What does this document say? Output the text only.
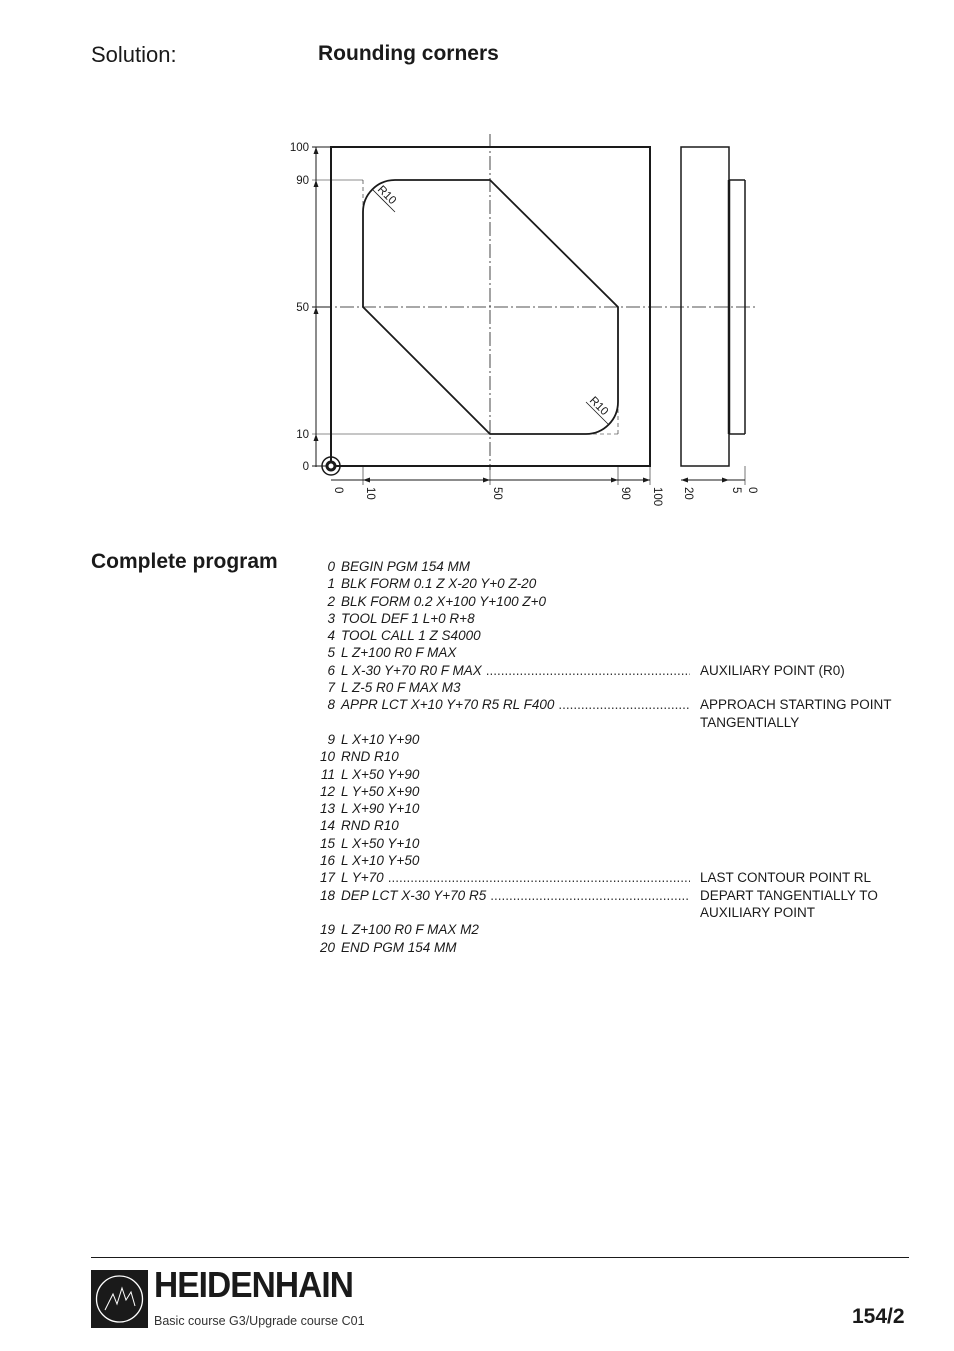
Solution:	Rounding corners
100
90
50
10
0
0 10	50	90 100 20	5 0
R10
R10
Complete program	0 BEGIN PGM 154 MM
1 BLK FORM 0.1 Z X-20 Y+0 Z-20
2 BLK FORM 0.2 X+100 Y+100 Z+0
3 TOOL DEF 1 L+0 R+8
4 TOOL CALL 1 Z S4000
5 L Z+100 R0 F MAX
6 L X-30 Y+70 R0 F MAX .....	AUXILIARY POINT (R0)
7 L Z-5 R0 F MAX M3
8 APPR LCT X+10 Y+70 R5 RL F400 .....	APPROACH STARTING POINT TANGENTIALLY
9 L X+10 Y+90
10 RND R10
11 L X+50 Y+90
12 L Y+50 X+90
13 L X+90 Y+10
14 RND R10
15 L X+50 Y+10
16 L X+10 Y+50
17 L Y+70 .....	LAST CONTOUR POINT RL
18 DEP LCT X-30 Y+70 R5 .....	DEPART TANGENTIALLY TO AUXILIARY POINT
19 L Z+100 R0 F MAX M2
20 END PGM 154 MM
HEIDENHAIN
Basic course G3/Upgrade course C01	154/2
